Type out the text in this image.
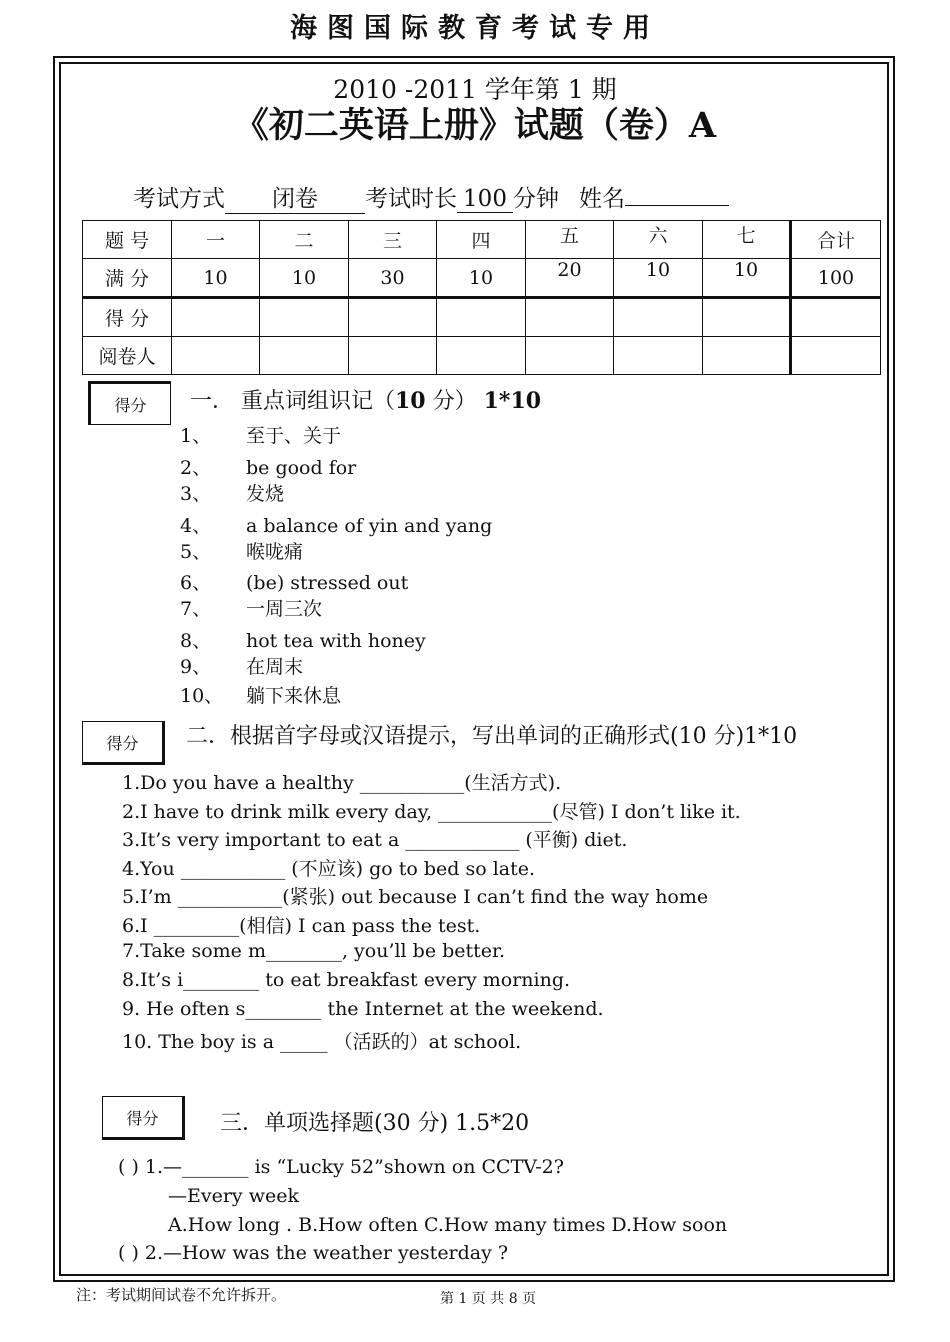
海图国际教育考试专用
2010 -2011 学年第 1 期
《初二英语上册》试题（卷）A
考试方式 闭卷 考试时长 100 分钟 姓名
题 号	一	二	三	四	五	六	七	合计
满 分	10	10	30	10	20	10	10	100
得 分								
阅卷人								
得分	一． 重点词组识记（10 分） 1*10
1、 至于、关于
2、 be good for
3、 发烧
4、 a balance of yin and yang
5、 喉咙痛
6、 (be) stressed out
7、 一周三次
8、 hot tea with honey
9、 在周末
10、 躺下来休息
得分	二．根据首字母或汉语提示，写出单词的正确形式(10 分)1*10
1.Do you have a healthy ___________(生活方式).
2.I have to drink milk every day, ____________(尽管) I don’t like it.
3.It’s very important to eat a ____________ (平衡) diet.
4.You ___________ (不应该) go to bed so late.
5.I’m ___________(紧张) out because I can’t find the way home
6.I _________(相信) I can pass the test.
7.Take some m________, you’ll be better.
8.It’s i________ to eat breakfast every morning.
9. He often s________ the Internet at the weekend.
10. The boy is a _____ （活跃的）at school.
得分	三．单项选择题(30 分) 1.5*20
( ) 1.—_______ is “Lucky 52”shown on CCTV-2?
—Every week
A.How long . B.How often C.How many times D.How soon
( ) 2.—How was the weather yesterday ?
注：考试期间试卷不允许拆开。	第 1 页 共 8 页
